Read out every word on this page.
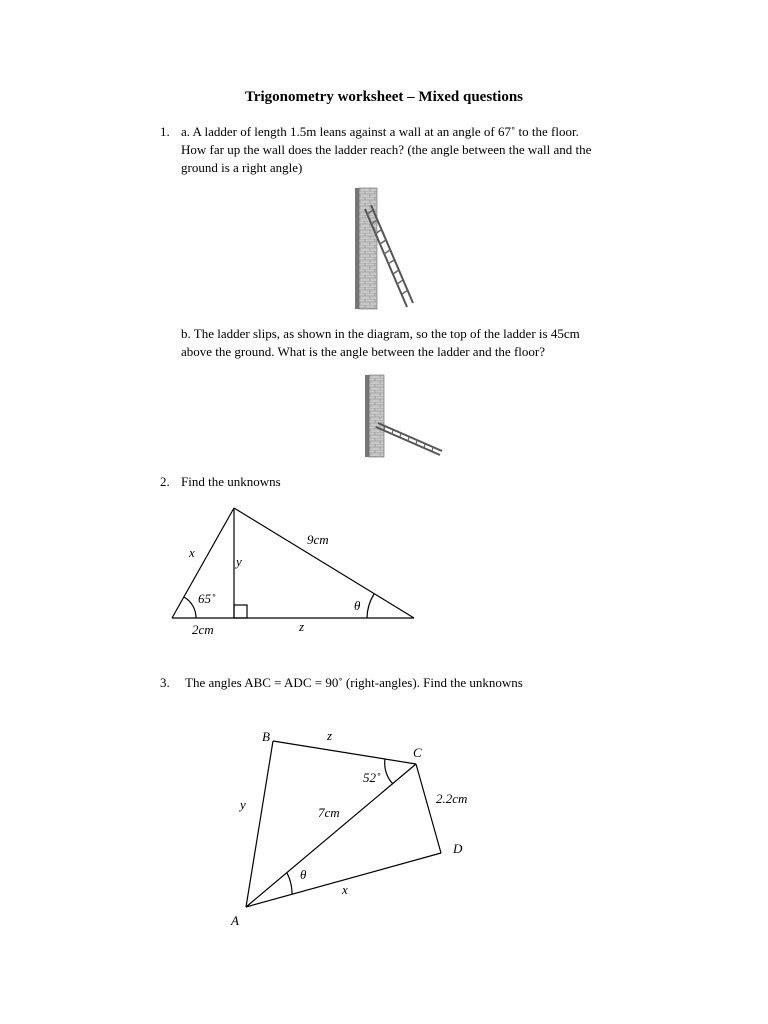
Trigonometry worksheet – Mixed questions
1. a. A ladder of length 1.5m leans against a wall at an angle of 67˚ to the floor.
How far up the wall does the ladder reach? (the angle between the wall and the
ground is a right angle)
b. The ladder slips, as shown in the diagram, so the top of the ladder is 45cm
above the ground. What is the angle between the ladder and the floor?
2. Find the unknowns
x
y
9cm
65˚	θ
2cm	z
3. The angles ABC = ADC = 90˚ (right-angles). Find the unknowns
B
C
D
A
z
y
7cm
2.2cm
52˚
θ
x
